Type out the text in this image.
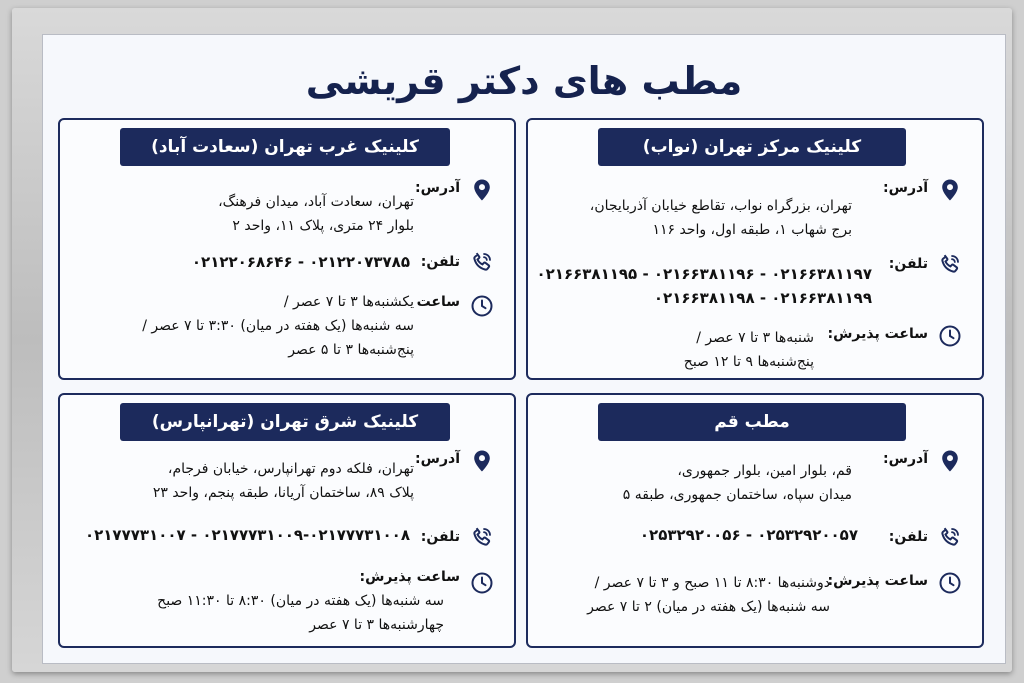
مطب های دکتر قریشی
کلینیک مرکز تهران (نواب)
آدرس:
تهران، بزرگراه نواب، تقاطع خیابان آذربایجان،
برج شهاب ۱، طبقه اول، واحد ۱۱۶
تلفن:
۰۲۱۶۶۳۸۱۱۹۷ - ۰۲۱۶۶۳۸۱۱۹۶ - ۰۲۱۶۶۳۸۱۱۹۵
۰۲۱۶۶۳۸۱۱۹۹ - ۰۲۱۶۶۳۸۱۱۹۸
ساعت پذیرش:
شنبه‌ها ۳ تا ۷ عصر /
پنج‌شنبه‌ها ۹ تا ۱۲ صبح
کلینیک غرب تهران (سعادت آباد)
آدرس:
تهران، سعادت آباد، میدان فرهنگ،
بلوار ۲۴ متری، پلاک ۱۱، واحد ۲
تلفن:
۰۲۱۲۲۰۷۳۷۸۵ - ۰۲۱۲۲۰۶۸۶۴۶
ساعت
یکشنبه‌ها ۳ تا ۷ عصر /
سه شنبه‌ها (یک هفته در میان) ۳:۳۰ تا ۷ عصر /
پنج‌شنبه‌ها ۳ تا ۵ عصر
مطب قم
آدرس:
قم، بلوار امین، بلوار جمهوری،
میدان سپاه، ساختمان جمهوری، طبقه ۵
تلفن:
۰۲۵۳۲۹۲۰۰۵۷ - ۰۲۵۳۲۹۲۰۰۵۶
ساعت پذیرش:
دوشنبه‌ها ۸:۳۰ تا ۱۱ صبح و ۳ تا ۷ عصر /
سه شنبه‌ها (یک هفته در میان) ۲ تا ۷ عصر
کلینیک شرق تهران (تهرانپارس)
آدرس:
تهران، فلکه دوم تهرانپارس، خیابان فرجام،
پلاک ۸۹، ساختمان آریانا، طبقه پنجم، واحد ۲۳
تلفن:
۰۲۱۷۷۷۳۱۰۰۹-۰۲۱۷۷۷۳۱۰۰۸ - ۰۲۱۷۷۷۳۱۰۰۷
ساعت پذیرش:
سه شنبه‌ها (یک هفته در میان) ۸:۳۰ تا ۱۱:۳۰ صبح
چهارشنبه‌ها ۳ تا ۷ عصر
